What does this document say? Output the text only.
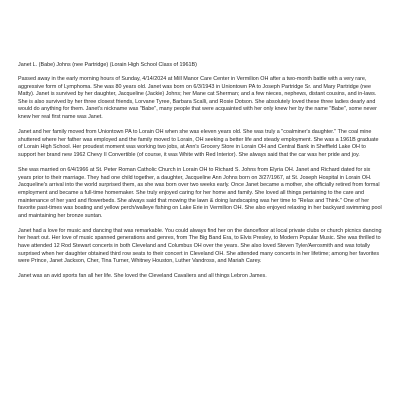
Janet L. (Babe) Johns (nee Partridge) (Lorain High School Class of 1961B)

Passed away in the early morning hours of Sunday, 4/14/2024 at Mill Manor Care Center in Vermilion OH after a two-month battle with a very rare, aggressive form of Lymphoma. She was 80 years old. Janet was born on 6/3/1943 in Uniontown PA to Joseph Partridge Sr. and Mary Partridge (nee Matty). Janet is survived by her daughter, Jacqueline (Jackie) Johns; her Mane cat Sherman; and a few nieces, nephews, distant cousins, and in-laws. She is also survived by her three closest friends, Lorvane Tyree, Barbara Scalli, and Rosie Dotson. She absolutely loved these three ladies dearly and would do anything for them. Janet's nickname was "Babe", many people that were acquainted with her only knew her by the name "Babe", some never knew her real first name was Janet.

Janet and her family moved from Uniontown PA to Lorain OH when she was eleven years old. She was truly a "coalminer's daughter." The coal mine shuttered where her father was employed and the family moved to Lorain, OH seeking a better life and steady employment. She was a 1961B graduate of Lorain High School. Her proudest moment was working two jobs, at Ann's Grocery Store in Lorain OH and Central Bank in Sheffield Lake OH to support her brand new 1962 Chevy II Convertible (of course, it was White with Red Interior). She always said that the car was her pride and joy.

She was married on 6/4/1966 at St. Peter Roman Catholic Church in Lorain OH to Richard S. Johns from Elyria OH. Janet and Richard dated for six years prior to their marriage. They had one child together, a daughter, Jacqueline Ann Johns born on 3/27/1967, at St. Joseph Hospital in Lorain OH. Jacqueline's arrival into the world surprised them, as she was born over two weeks early. Once Janet became a mother, she officially retired from formal employment and became a full-time homemaker. She truly enjoyed caring for her home and family. She loved all things pertaining to the care and maintenance of her yard and flowerbeds. She always said that mowing the lawn & doing landscaping was her time to "Relax and Think." One of her favorite past-times was boating and yellow perch/walleye fishing on Lake Erie in Vermilion OH. She also enjoyed relaxing in her backyard swimming pool and maintaining her bronze suntan.

Janet had a love for music and dancing that was remarkable. You could always find her on the dancefloor at local private clubs or church picnics dancing her heart out. Her love of music spanned generations and genres, from The Big Band Era, to Elvis Presley, to Modern Popular Music. She was thrilled to have attended 12 Rod Stewart concerts in both Cleveland and Columbus OH over the years. She also loved Steven Tyler/Aerosmith and was totally surprised when her daughter obtained third row seats to their concert in Cleveland OH. She attended many concerts in her lifetime; among her favorites were Prince, Janet Jackson, Cher, Tina Turner, Whitney Houston, Luther Vandross, and Mariah Carey.

Janet was an avid sports fan all her life. She loved the Cleveland Cavaliers and all things Lebron James.
